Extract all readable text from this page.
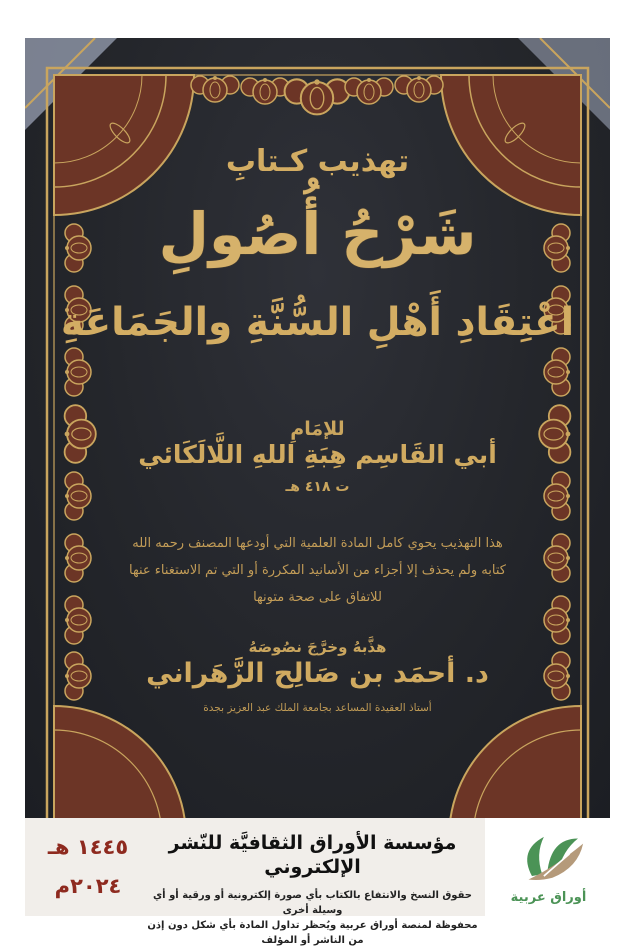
تهذيب كـتابِ
شَرْحُ أُصُولِ
اعْتِقَادِ أَهْلِ السُّنَّةِ والجَمَاعَةِ
للإمَامِ
أبي القَاسِم هِبَةِ اللهِ اللَّالَكَائي
ت ٤١٨ هـ
هذا التهذيب يحوي كامل المادة العلمية التي أودعها المصنف رحمه الله
كتابه ولم يحذف إلا أجزاء من الأسانيد المكررة أو التي تم الاستغناء عنها
للاتفاق على صحة متونها
هذَّبهُ وخرَّجَ نصُوصَهُ
د. أحمَد بن صَالِح الزَّهَراني
أستاذ العقيدة المساعد بجامعة الملك عبد العزيز بجدة
١٤٤٥ هـ
٢٠٢٤م
مؤسسة الأوراق الثقافيَّة للنّشر الإلكتروني
حقوق النسخ والانتفاع بالكتاب بأي صورة إلكترونية أو ورقية أو أي وسيلة أخرى
محفوظة لمنصة أوراق عربية ويُحظر تداول المادة بأي شكل دون إذن من الناشر أو المؤلف
أوراق عربية
